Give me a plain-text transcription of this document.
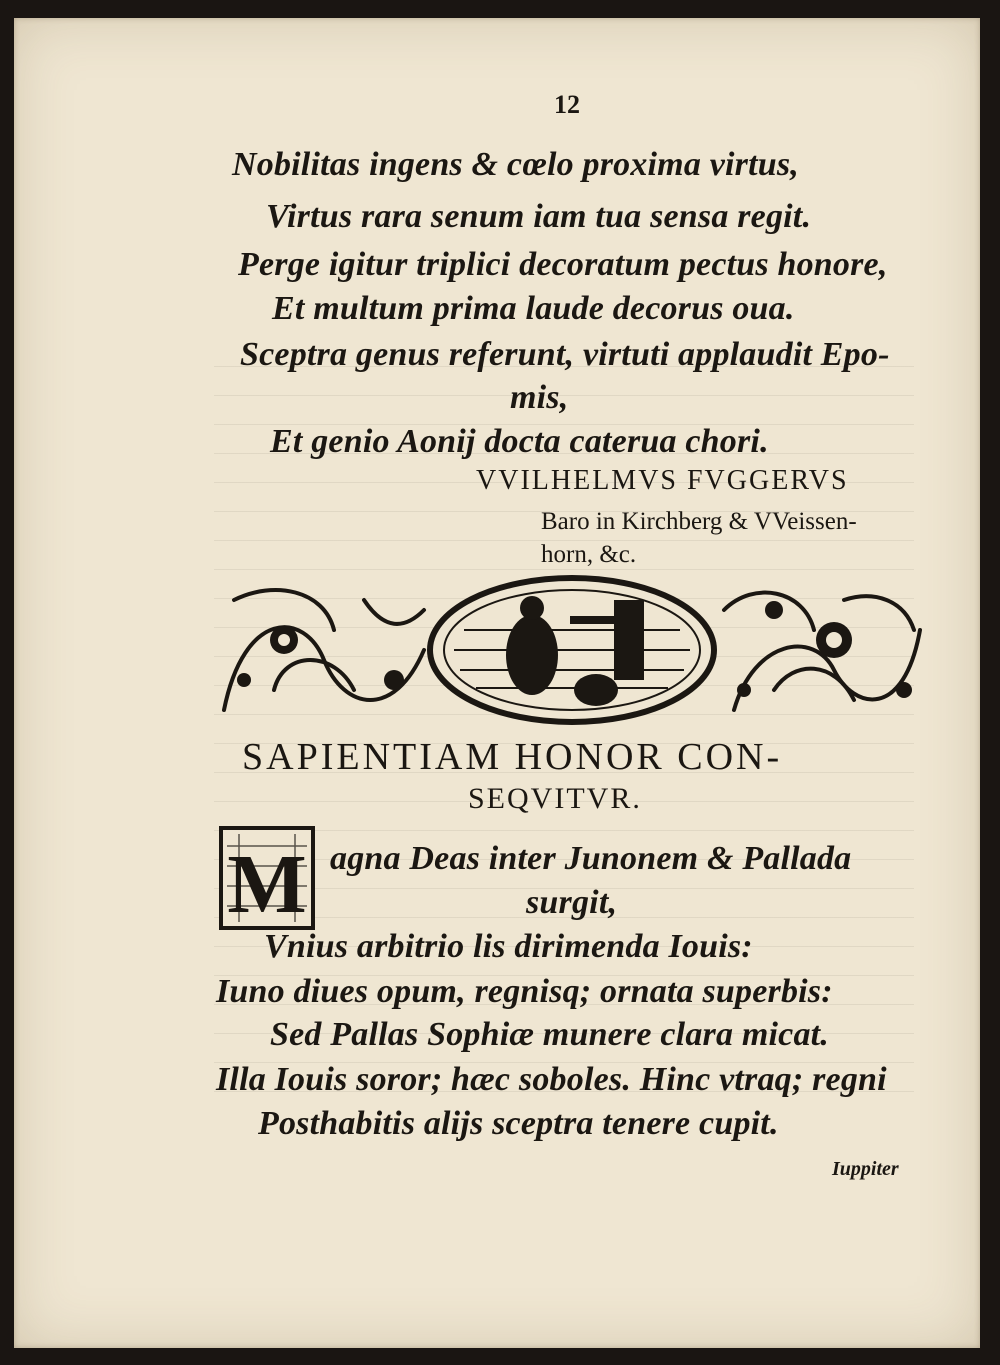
12

Nobilitas ingens & cœlo proxima virtus,

Virtus rara senum iam tua sensa regit.

Perge igitur triplici decoratum pectus honore,

Et multum prima laude decorus oua.

Sceptra genus referunt, virtuti applaudit Epo-

mis,

Et genio Aonij docta caterua chori.

VVILHELMVS FVGGERVS
Baro in Kirchberg & VVeissen-
horn, &c.
SAPIENTIAM HONOR CON-
SEQVITVR.
M agna Deas inter Junonem & Pallada

surgit,

Vnius arbitrio lis dirimenda Iouis:

Iuno diues opum, regnisq; ornata superbis:

Sed Pallas Sophiæ munere clara micat.

Illa Iouis soror; hæc soboles. Hinc vtraq; regni

Posthabitis alijs sceptra tenere cupit.

Iuppiter
